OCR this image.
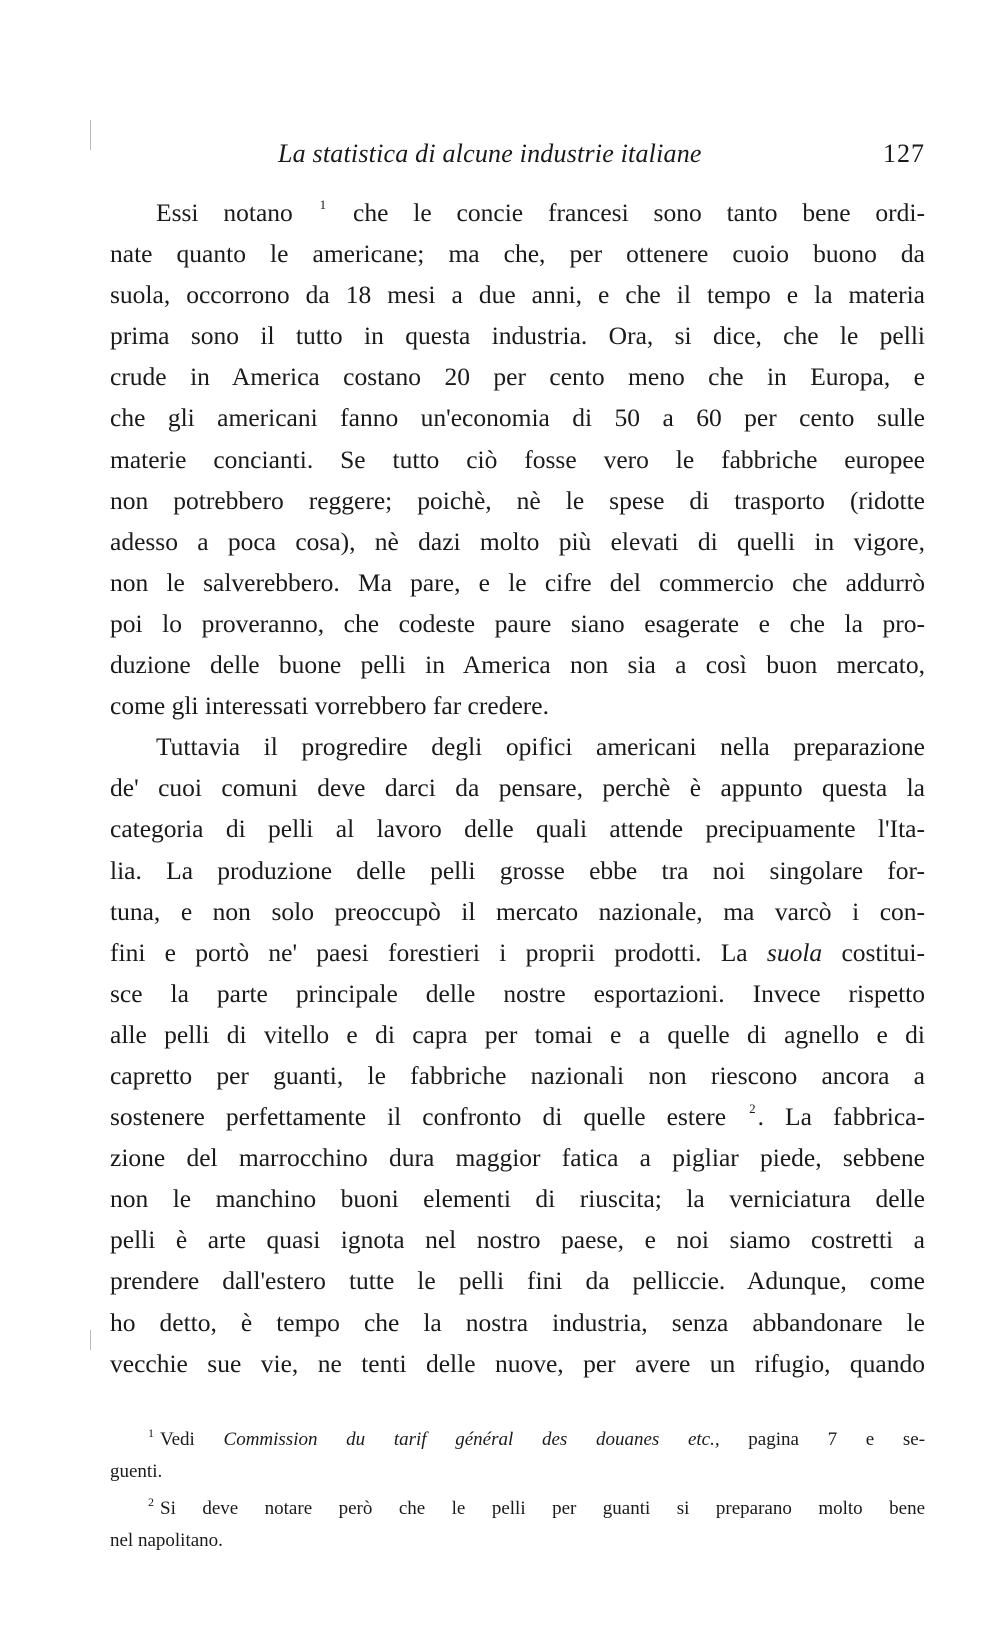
La statistica di alcune industrie italiane	127

Essi notano $^1$ che le concie francesi sono tanto bene ordi-
nate quanto le americane; ma che, per ottenere cuoio buono da
suola, occorrono da 18 mesi a due anni, e che il tempo e la materia
prima sono il tutto in questa industria. Ora, si dice, che le pelli
crude in America costano 20 per cento meno che in Europa, e
che gli americani fanno un'economia di 50 a 60 per cento sulle
materie concianti. Se tutto ciò fosse vero le fabbriche europee
non potrebbero reggere; poichè, nè le spese di trasporto (ridotte
adesso a poca cosa), nè dazi molto più elevati di quelli in vigore,
non le salverebbero. Ma pare, e le cifre del commercio che addurrò
poi lo proveranno, che codeste paure siano esagerate e che la pro-
duzione delle buone pelli in America non sia a così buon mercato,
come gli interessati vorrebbero far credere.

Tuttavia il progredire degli opifici americani nella preparazione
de' cuoi comuni deve darci da pensare, perchè è appunto questa la
categoria di pelli al lavoro delle quali attende precipuamente l'Ita-
lia. La produzione delle pelli grosse ebbe tra noi singolare for-
tuna, e non solo preoccupò il mercato nazionale, ma varcò i con-
fini e portò ne' paesi forestieri i proprii prodotti. La suola costitui-
sce la parte principale delle nostre esportazioni. Invece rispetto
alle pelli di vitello e di capra per tomai e a quelle di agnello e di
capretto per guanti, le fabbriche nazionali non riescono ancora a
sostenere perfettamente il confronto di quelle estere $^2$. La fabbrica-
zione del marrocchino dura maggior fatica a pigliar piede, sebbene
non le manchino buoni elementi di riuscita; la verniciatura delle
pelli è arte quasi ignota nel nostro paese, e noi siamo costretti a
prendere dall'estero tutte le pelli fini da pelliccie. Adunque, come
ho detto, è tempo che la nostra industria, senza abbandonare le
vecchie sue vie, ne tenti delle nuove, per avere un rifugio, quando

$^1$ Vedi Commission du tarif général des douanes etc., pagina 7 e se-
guenti.
$^2$ Si deve notare però che le pelli per guanti si preparano molto bene
nel napolitano.
